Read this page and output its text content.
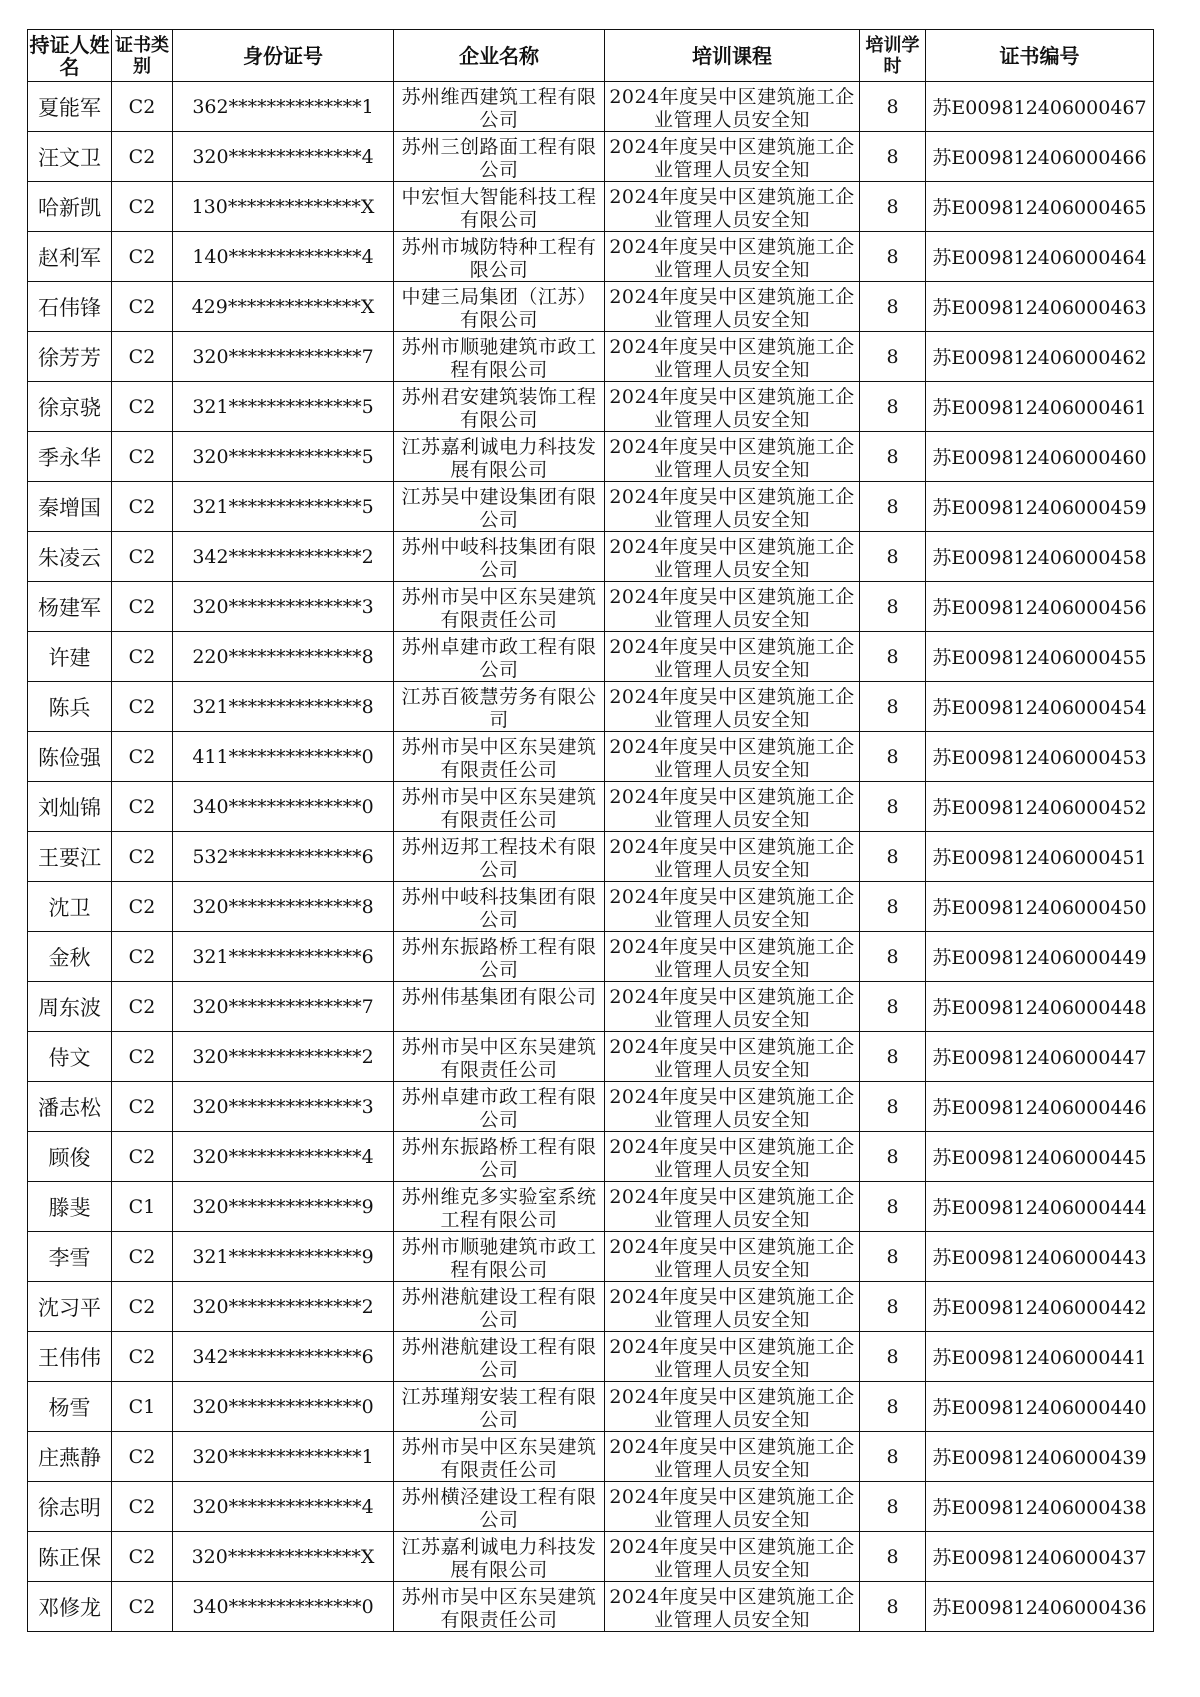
持证人姓名	证书类别	身份证号	企业名称	培训课程	培训学时	证书编号
夏能军	C2	362**************1	苏州维西建筑工程有限公司	2024年度吴中区建筑施工企业管理人员安全知	8	苏E009812406000467
汪文卫	C2	320**************4	苏州三创路面工程有限公司	2024年度吴中区建筑施工企业管理人员安全知	8	苏E009812406000466
哈新凯	C2	130**************X	中宏恒大智能科技工程有限公司	2024年度吴中区建筑施工企业管理人员安全知	8	苏E009812406000465
赵利军	C2	140**************4	苏州市城防特种工程有限公司	2024年度吴中区建筑施工企业管理人员安全知	8	苏E009812406000464
石伟锋	C2	429**************X	中建三局集团（江苏）有限公司	2024年度吴中区建筑施工企业管理人员安全知	8	苏E009812406000463
徐芳芳	C2	320**************7	苏州市顺驰建筑市政工程有限公司	2024年度吴中区建筑施工企业管理人员安全知	8	苏E009812406000462
徐京骁	C2	321**************5	苏州君安建筑装饰工程有限公司	2024年度吴中区建筑施工企业管理人员安全知	8	苏E009812406000461
季永华	C2	320**************5	江苏嘉利诚电力科技发展有限公司	2024年度吴中区建筑施工企业管理人员安全知	8	苏E009812406000460
秦增国	C2	321**************5	江苏吴中建设集团有限公司	2024年度吴中区建筑施工企业管理人员安全知	8	苏E009812406000459
朱凌云	C2	342**************2	苏州中岐科技集团有限公司	2024年度吴中区建筑施工企业管理人员安全知	8	苏E009812406000458
杨建军	C2	320**************3	苏州市吴中区东吴建筑有限责任公司	2024年度吴中区建筑施工企业管理人员安全知	8	苏E009812406000456
许建	C2	220**************8	苏州卓建市政工程有限公司	2024年度吴中区建筑施工企业管理人员安全知	8	苏E009812406000455
陈兵	C2	321**************8	江苏百筱慧劳务有限公司	2024年度吴中区建筑施工企业管理人员安全知	8	苏E009812406000454
陈俭强	C2	411**************0	苏州市吴中区东吴建筑有限责任公司	2024年度吴中区建筑施工企业管理人员安全知	8	苏E009812406000453
刘灿锦	C2	340**************0	苏州市吴中区东吴建筑有限责任公司	2024年度吴中区建筑施工企业管理人员安全知	8	苏E009812406000452
王要江	C2	532**************6	苏州迈邦工程技术有限公司	2024年度吴中区建筑施工企业管理人员安全知	8	苏E009812406000451
沈卫	C2	320**************8	苏州中岐科技集团有限公司	2024年度吴中区建筑施工企业管理人员安全知	8	苏E009812406000450
金秋	C2	321**************6	苏州东振路桥工程有限公司	2024年度吴中区建筑施工企业管理人员安全知	8	苏E009812406000449
周东波	C2	320**************7	苏州伟基集团有限公司	2024年度吴中区建筑施工企业管理人员安全知	8	苏E009812406000448
侍文	C2	320**************2	苏州市吴中区东吴建筑有限责任公司	2024年度吴中区建筑施工企业管理人员安全知	8	苏E009812406000447
潘志松	C2	320**************3	苏州卓建市政工程有限公司	2024年度吴中区建筑施工企业管理人员安全知	8	苏E009812406000446
顾俊	C2	320**************4	苏州东振路桥工程有限公司	2024年度吴中区建筑施工企业管理人员安全知	8	苏E009812406000445
滕斐	C1	320**************9	苏州维克多实验室系统工程有限公司	2024年度吴中区建筑施工企业管理人员安全知	8	苏E009812406000444
李雪	C2	321**************9	苏州市顺驰建筑市政工程有限公司	2024年度吴中区建筑施工企业管理人员安全知	8	苏E009812406000443
沈习平	C2	320**************2	苏州港航建设工程有限公司	2024年度吴中区建筑施工企业管理人员安全知	8	苏E009812406000442
王伟伟	C2	342**************6	苏州港航建设工程有限公司	2024年度吴中区建筑施工企业管理人员安全知	8	苏E009812406000441
杨雪	C1	320**************0	江苏瑾翔安装工程有限公司	2024年度吴中区建筑施工企业管理人员安全知	8	苏E009812406000440
庄燕静	C2	320**************1	苏州市吴中区东吴建筑有限责任公司	2024年度吴中区建筑施工企业管理人员安全知	8	苏E009812406000439
徐志明	C2	320**************4	苏州横泾建设工程有限公司	2024年度吴中区建筑施工企业管理人员安全知	8	苏E009812406000438
陈正保	C2	320**************X	江苏嘉利诚电力科技发展有限公司	2024年度吴中区建筑施工企业管理人员安全知	8	苏E009812406000437
邓修龙	C2	340**************0	苏州市吴中区东吴建筑有限责任公司	2024年度吴中区建筑施工企业管理人员安全知	8	苏E009812406000436
